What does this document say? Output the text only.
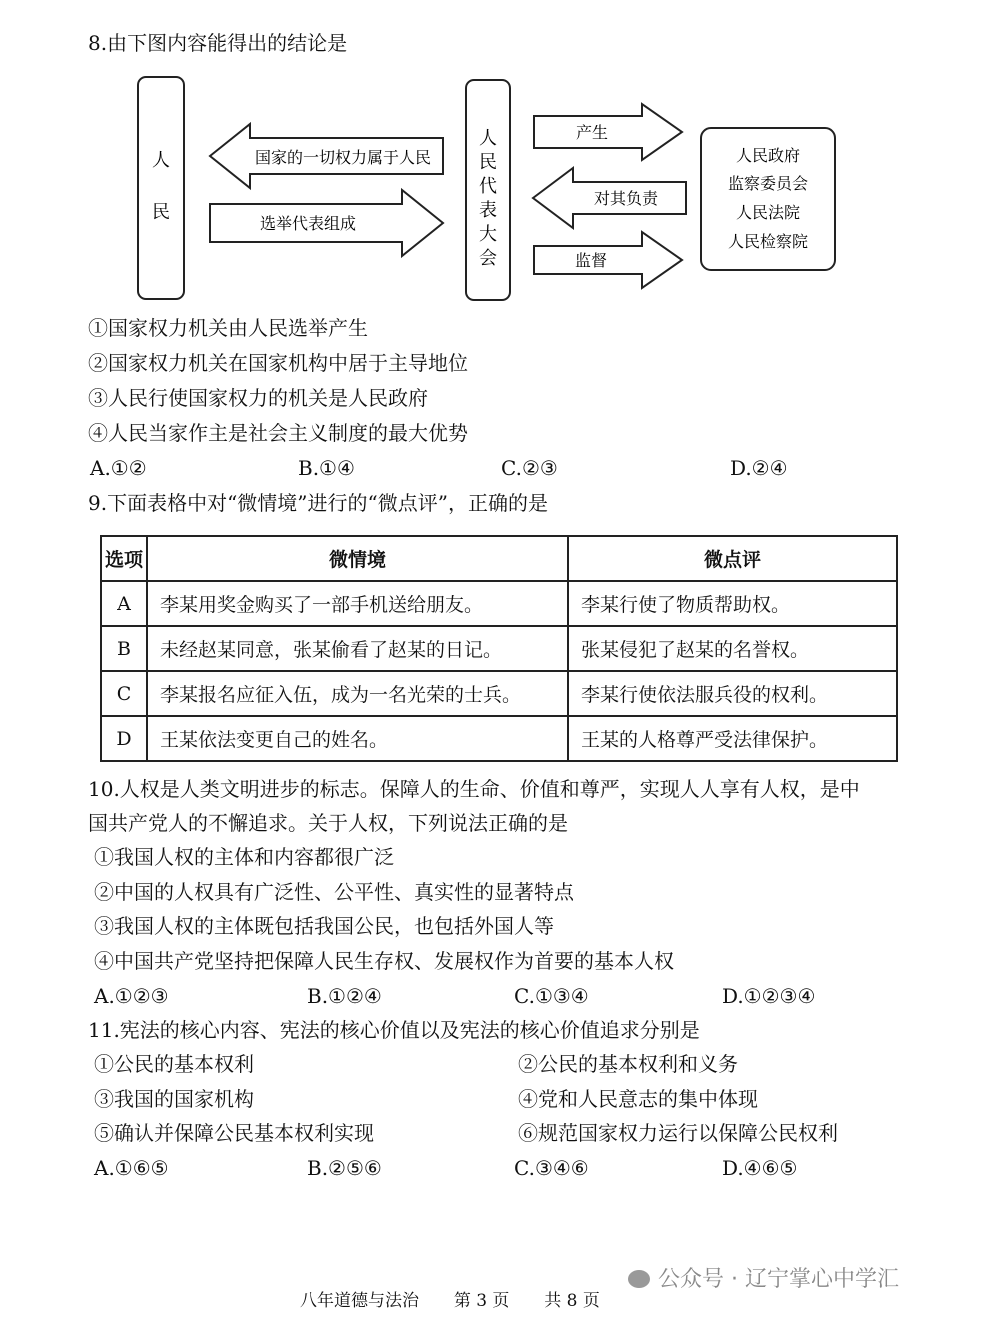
8.由下图内容能得出的结论是
人
民
国家的一切权力属于人民
选举代表组成
人
民
代
表
大
会
产生
对其负责
监督
人民政府
监察委员会
人民法院
人民检察院
①国家权力机关由人民选举产生
②国家权力机关在国家机构中居于主导地位
③人民行使国家权力的机关是人民政府
④人民当家作主是社会主义制度的最大优势
A.①②	B.①④	C.②③	D.②④
9.下面表格中对“微情境”进行的“微点评”，正确的是
选项	微情境	微点评
A	李某用奖金购买了一部手机送给朋友。	李某行使了物质帮助权。
B	未经赵某同意，张某偷看了赵某的日记。	张某侵犯了赵某的名誉权。
C	李某报名应征入伍，成为一名光荣的士兵。	李某行使依法服兵役的权利。
D	王某依法变更自己的姓名。	王某的人格尊严受法律保护。
10.人权是人类文明进步的标志。保障人的生命、价值和尊严，实现人人享有人权，是中
国共产党人的不懈追求。关于人权，下列说法正确的是
①我国人权的主体和内容都很广泛
②中国的人权具有广泛性、公平性、真实性的显著特点
③我国人权的主体既包括我国公民，也包括外国人等
④中国共产党坚持把保障人民生存权、发展权作为首要的基本人权
A.①②③	B.①②④	C.①③④	D.①②③④
11.宪法的核心内容、宪法的核心价值以及宪法的核心价值追求分别是
①公民的基本权利	②公民的基本权利和义务
③我国的国家机构	④党和人民意志的集中体现
⑤确认并保障公民基本权利实现	⑥规范国家权力运行以保障公民权利
A.①⑥⑤	B.②⑤⑥	C.③④⑥	D.④⑥⑤
公众号 · 辽宁掌心中学汇
八年道德与法治 第 3 页 共 8 页
